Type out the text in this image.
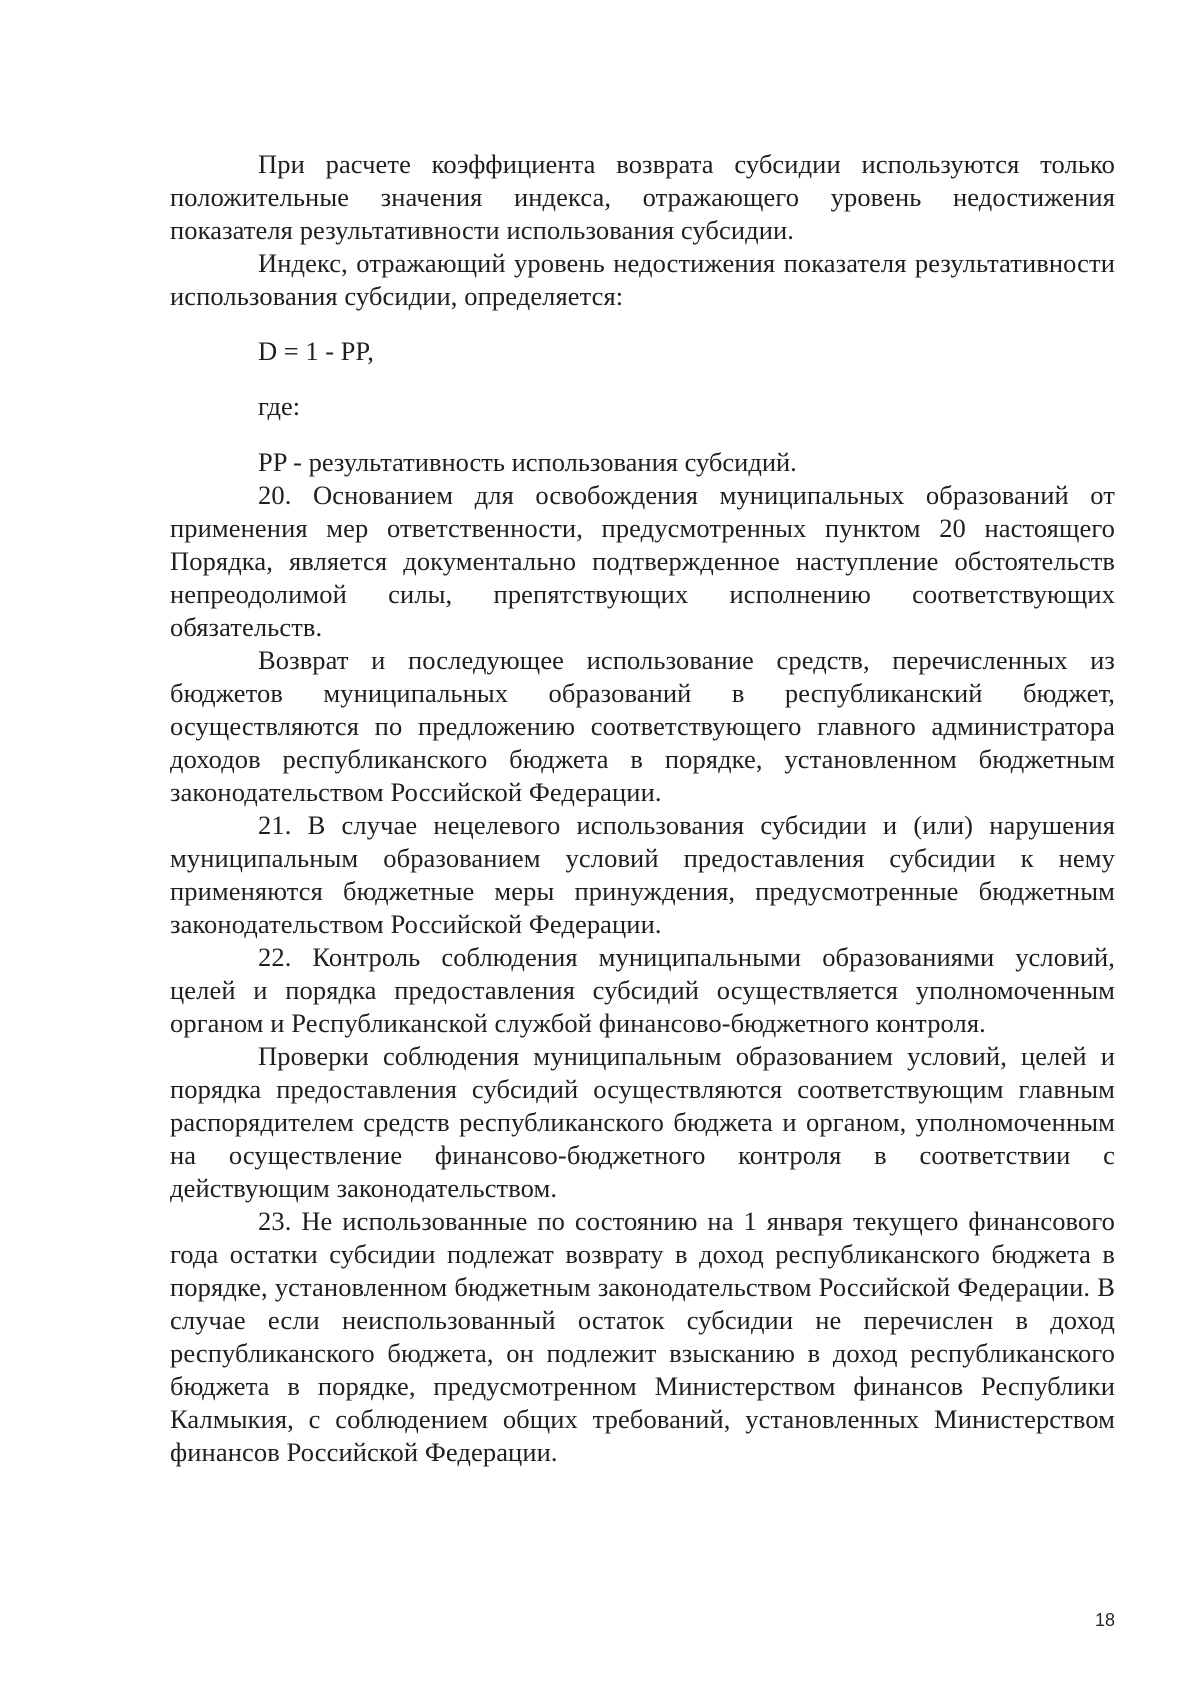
При расчете коэффициента возврата субсидии используются только положительные значения индекса, отражающего уровень недостижения показателя результативности использования субсидии.

Индекс, отражающий уровень недостижения показателя результативности использования субсидии, определяется:

D = 1 - PP,

где:

PP - результативность использования субсидий.

20. Основанием для освобождения муниципальных образований от применения мер ответственности, предусмотренных пунктом 20 настоящего Порядка, является документально подтвержденное наступление обстоятельств непреодолимой силы, препятствующих исполнению соответствующих обязательств.

Возврат и последующее использование средств, перечисленных из бюджетов муниципальных образований в республиканский бюджет, осуществляются по предложению соответствующего главного администратора доходов республиканского бюджета в порядке, установленном бюджетным законодательством Российской Федерации.

21. В случае нецелевого использования субсидии и (или) нарушения муниципальным образованием условий предоставления субсидии к нему применяются бюджетные меры принуждения, предусмотренные бюджетным законодательством Российской Федерации.

22. Контроль соблюдения муниципальными образованиями условий, целей и порядка предоставления субсидий осуществляется уполномоченным органом и Республиканской службой финансово-бюджетного контроля.

Проверки соблюдения муниципальным образованием условий, целей и порядка предоставления субсидий осуществляются соответствующим главным распорядителем средств республиканского бюджета и органом, уполномоченным на осуществление финансово-бюджетного контроля в соответствии с действующим законодательством.

23. Не использованные по состоянию на 1 января текущего финансового года остатки субсидии подлежат возврату в доход республиканского бюджета в порядке, установленном бюджетным законодательством Российской Федерации. В случае если неиспользованный остаток субсидии не перечислен в доход республиканского бюджета, он подлежит взысканию в доход республиканского бюджета в порядке, предусмотренном Министерством финансов Республики Калмыкия, с соблюдением общих требований, установленных Министерством финансов Российской Федерации.

18
